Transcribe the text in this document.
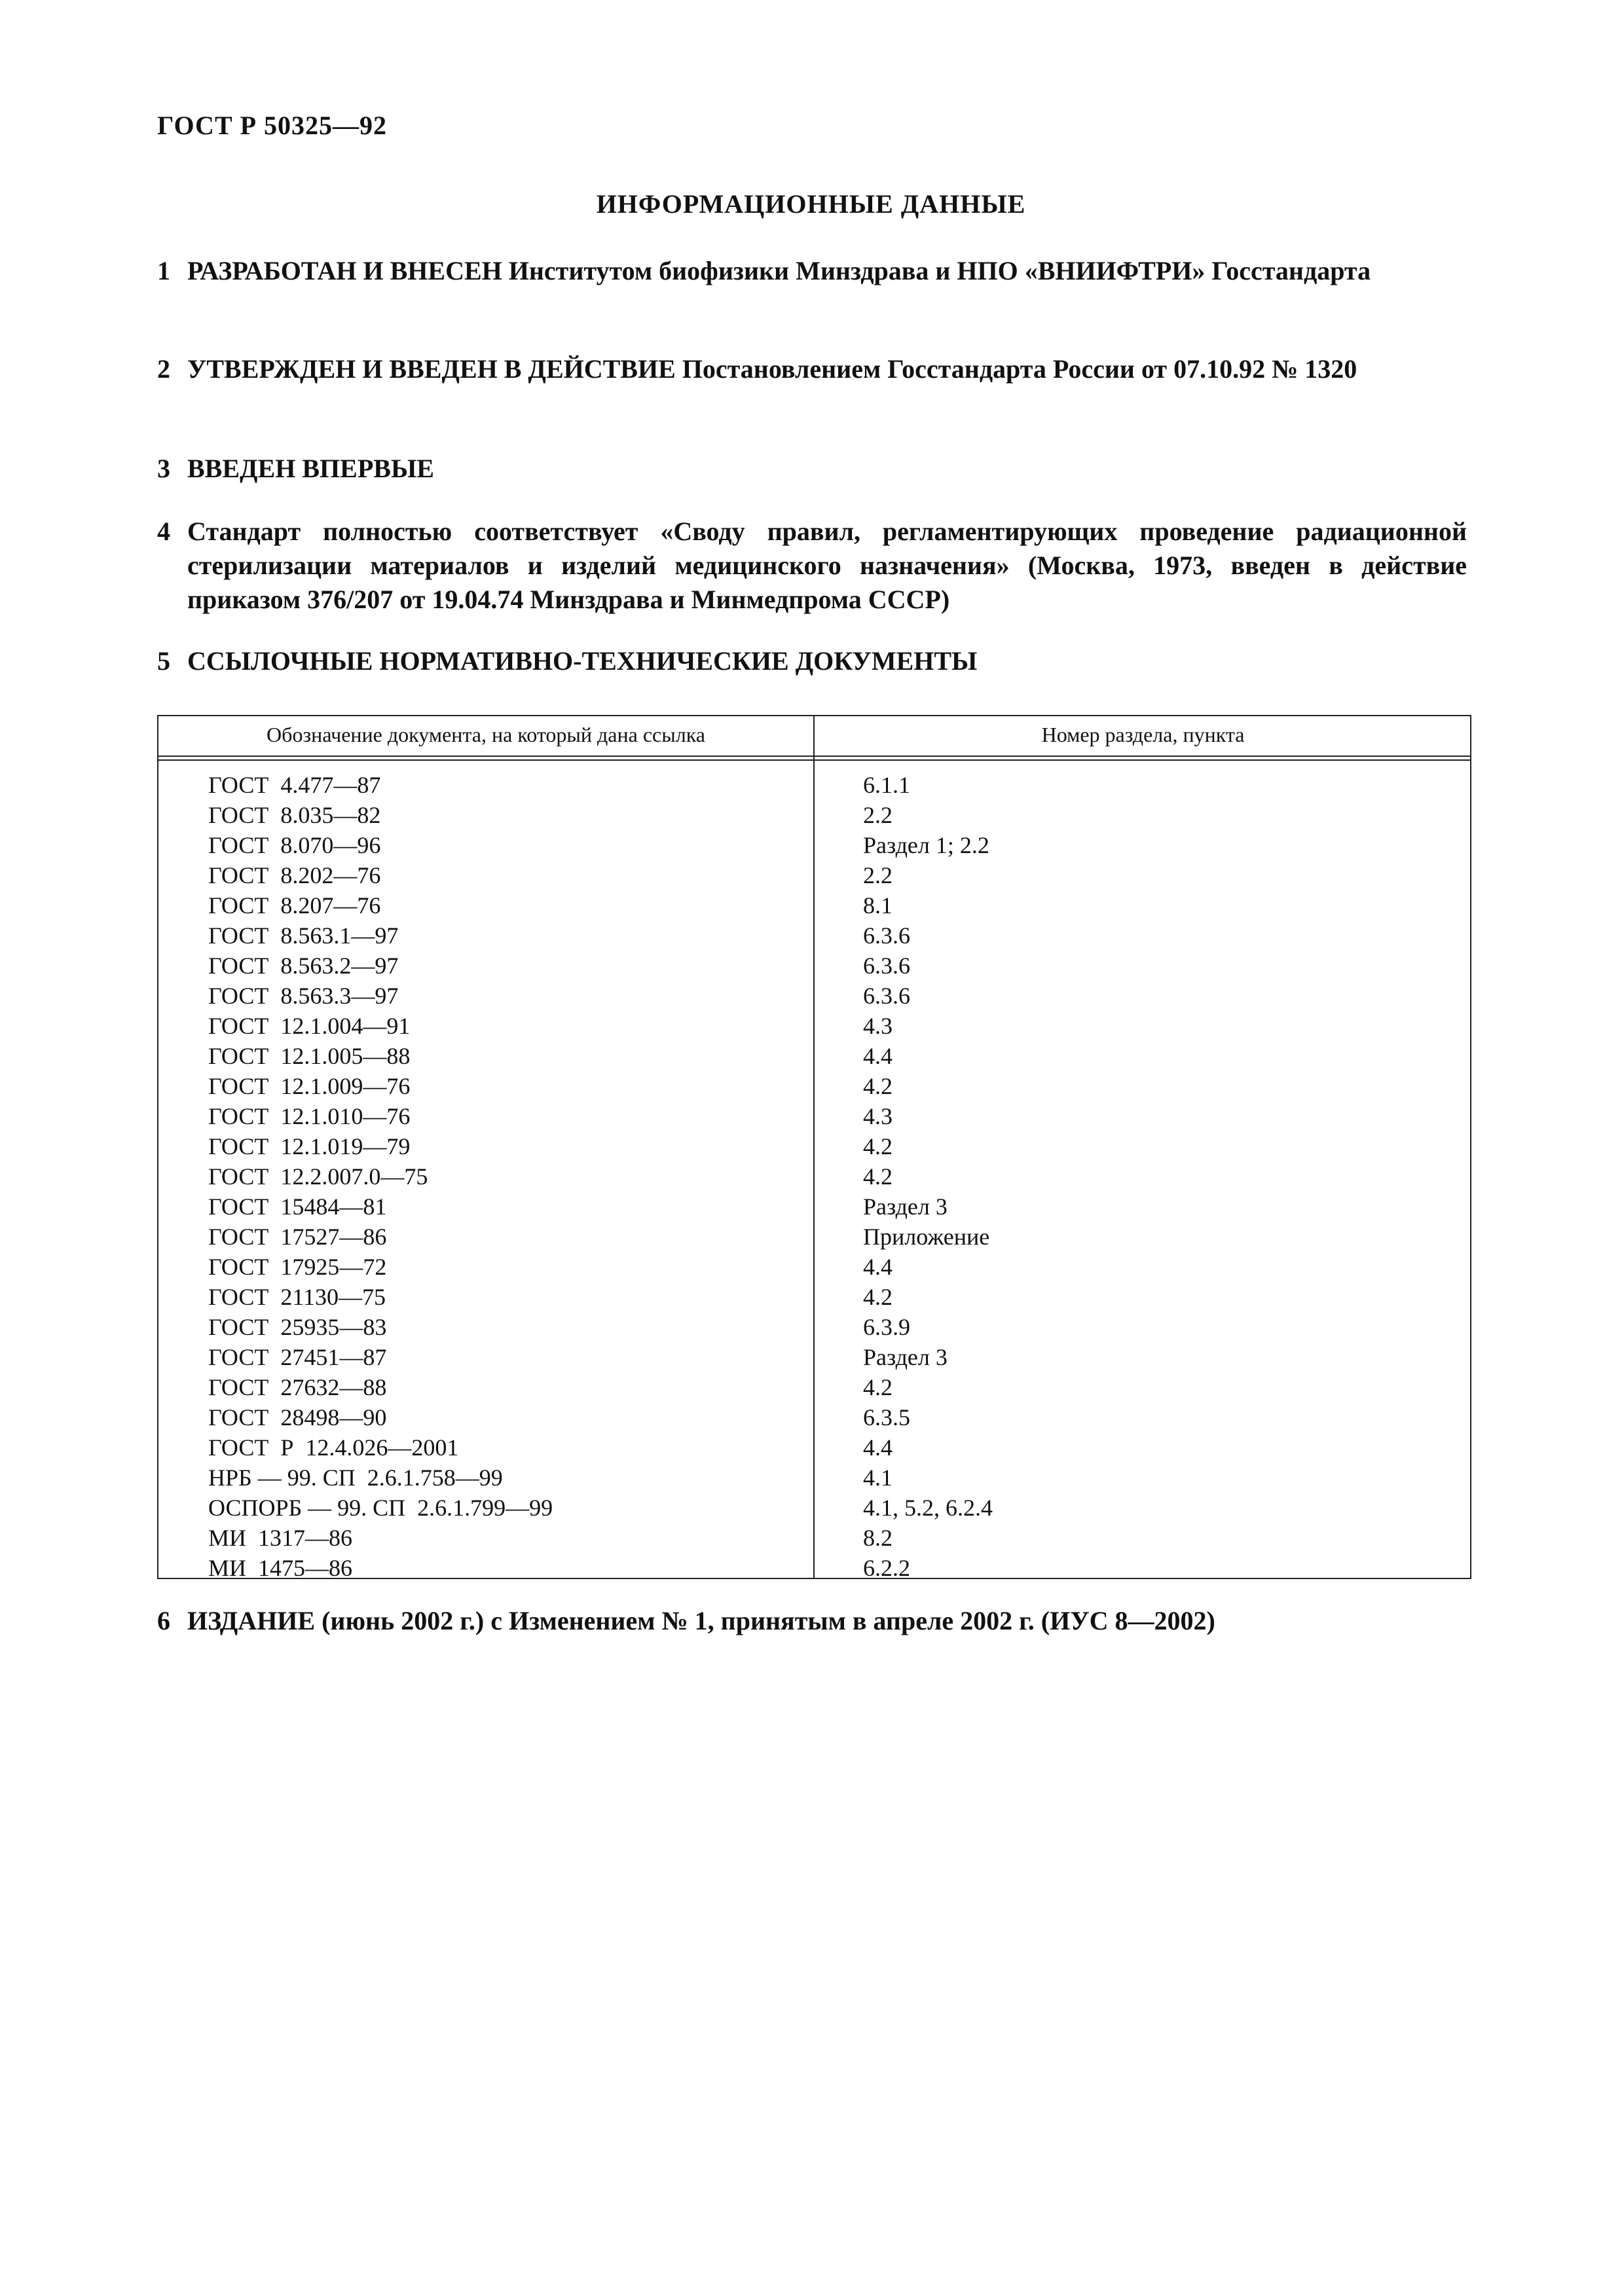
ГОСТ Р 50325—92
ИНФОРМАЦИОННЫЕ ДАННЫЕ
1 РАЗРАБОТАН И ВНЕСЕН Институтом биофизики Минздрава и НПО «ВНИИФТРИ» Госстандарта
2 УТВЕРЖДЕН И ВВЕДЕН В ДЕЙСТВИЕ Постановлением Госстандарта России от 07.10.92 № 1320
3 ВВЕДЕН ВПЕРВЫЕ
4 Стандарт полностью соответствует «Своду правил, регламентирующих проведение радиационной стерилизации материалов и изделий медицинского назначения» (Москва, 1973, введен в действие приказом 376/207 от 19.04.74 Минздрава и Минмедпрома СССР)
5 ССЫЛОЧНЫЕ НОРМАТИВНО-ТЕХНИЧЕСКИЕ ДОКУМЕНТЫ
Обозначение документа, на который дана ссылка	Номер раздела, пункта
ГОСТ  4.477—87	6.1.1
ГОСТ  8.035—82	2.2
ГОСТ  8.070—96	Раздел 1; 2.2
ГОСТ  8.202—76	2.2
ГОСТ  8.207—76	8.1
ГОСТ  8.563.1—97	6.3.6
ГОСТ  8.563.2—97	6.3.6
ГОСТ  8.563.3—97	6.3.6
ГОСТ  12.1.004—91	4.3
ГОСТ  12.1.005—88	4.4
ГОСТ  12.1.009—76	4.2
ГОСТ  12.1.010—76	4.3
ГОСТ  12.1.019—79	4.2
ГОСТ  12.2.007.0—75	4.2
ГОСТ  15484—81	Раздел 3
ГОСТ  17527—86	Приложение
ГОСТ  17925—72	4.4
ГОСТ  21130—75	4.2
ГОСТ  25935—83	6.3.9
ГОСТ  27451—87	Раздел 3
ГОСТ  27632—88	4.2
ГОСТ  28498—90	6.3.5
ГОСТ  Р  12.4.026—2001	4.4
НРБ — 99. СП  2.6.1.758—99	4.1
ОСПОРБ — 99. СП  2.6.1.799—99	4.1, 5.2, 6.2.4
МИ  1317—86	8.2
МИ  1475—86	6.2.2
6 ИЗДАНИЕ (июнь 2002 г.) с Изменением № 1, принятым в апреле 2002 г. (ИУС 8—2002)
